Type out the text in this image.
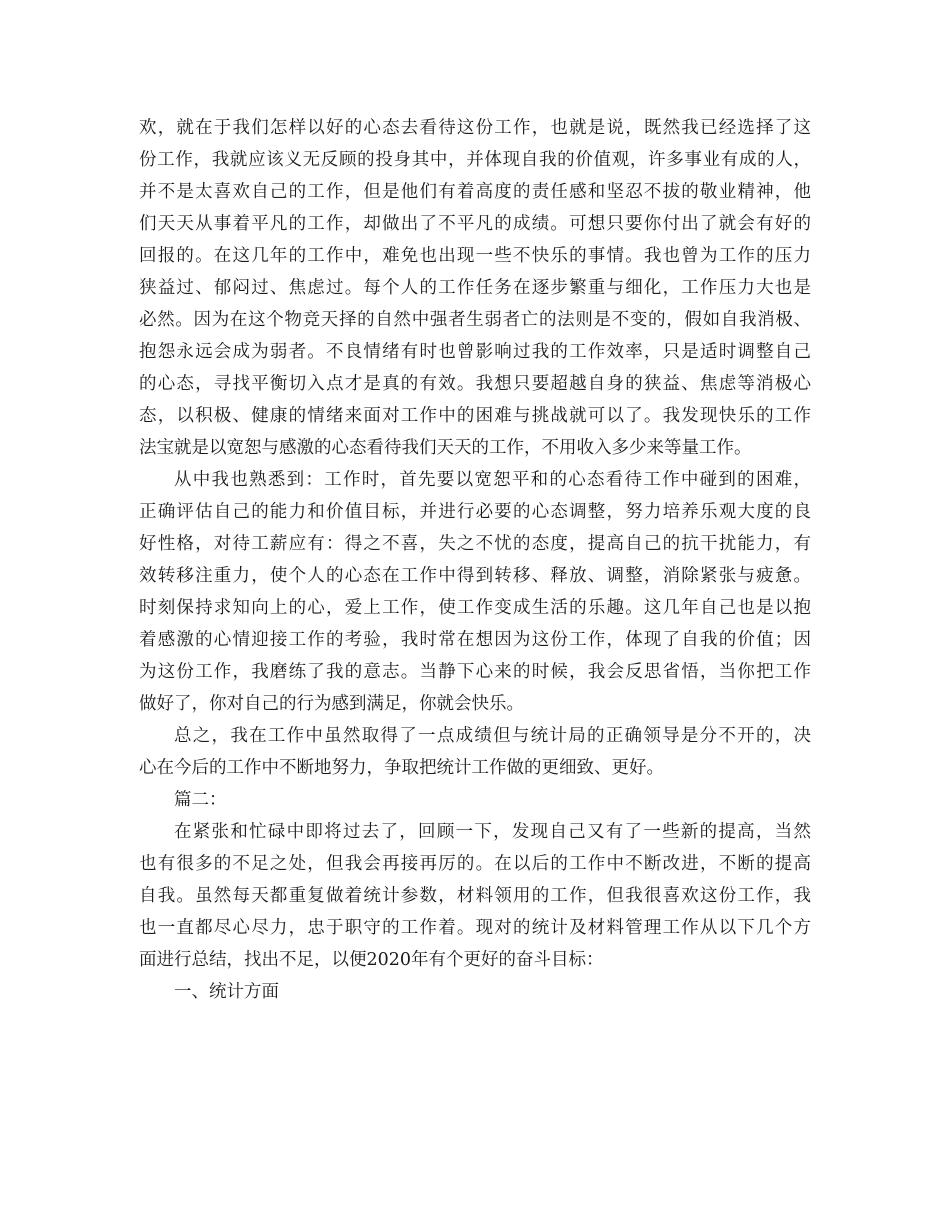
欢，就在于我们怎样以好的心态去看待这份工作，也就是说，既然我已经选择了这
份工作，我就应该义无反顾的投身其中，并体现自我的价值观，许多事业有成的人，
并不是太喜欢自己的工作，但是他们有着高度的责任感和坚忍不拔的敬业精神，他
们天天从事着平凡的工作，却做出了不平凡的成绩。可想只要你付出了就会有好的
回报的。在这几年的工作中，难免也出现一些不快乐的事情。我也曾为工作的压力
狭益过、郁闷过、焦虑过。每个人的工作任务在逐步繁重与细化，工作压力大也是
必然。因为在这个物竞天择的自然中强者生弱者亡的法则是不变的，假如自我消极、
抱怨永远会成为弱者。不良情绪有时也曾影响过我的工作效率，只是适时调整自己
的心态，寻找平衡切入点才是真的有效。我想只要超越自身的狭益、焦虑等消极心
态，以积极、健康的情绪来面对工作中的困难与挑战就可以了。我发现快乐的工作
法宝就是以宽恕与感激的心态看待我们天天的工作，不用收入多少来等量工作。
从中我也熟悉到：工作时，首先要以宽恕平和的心态看待工作中碰到的困难，
正确评估自己的能力和价值目标，并进行必要的心态调整，努力培养乐观大度的良
好性格，对待工薪应有：得之不喜，失之不忧的态度，提高自己的抗干扰能力，有
效转移注重力，使个人的心态在工作中得到转移、释放、调整，消除紧张与疲惫。
时刻保持求知向上的心，爱上工作，使工作变成生活的乐趣。这几年自己也是以抱
着感激的心情迎接工作的考验，我时常在想因为这份工作，体现了自我的价值；因
为这份工作，我磨练了我的意志。当静下心来的时候，我会反思省悟，当你把工作
做好了，你对自己的行为感到满足，你就会快乐。
总之，我在工作中虽然取得了一点成绩但与统计局的正确领导是分不开的，决
心在今后的工作中不断地努力，争取把统计工作做的更细致、更好。
篇二：
在紧张和忙碌中即将过去了，回顾一下，发现自己又有了一些新的提高，当然
也有很多的不足之处，但我会再接再厉的。在以后的工作中不断改进，不断的提高
自我。虽然每天都重复做着统计参数，材料领用的工作，但我很喜欢这份工作，我
也一直都尽心尽力，忠于职守的工作着。现对的统计及材料管理工作从以下几个方
面进行总结，找出不足，以便2020年有个更好的奋斗目标：
一、统计方面
